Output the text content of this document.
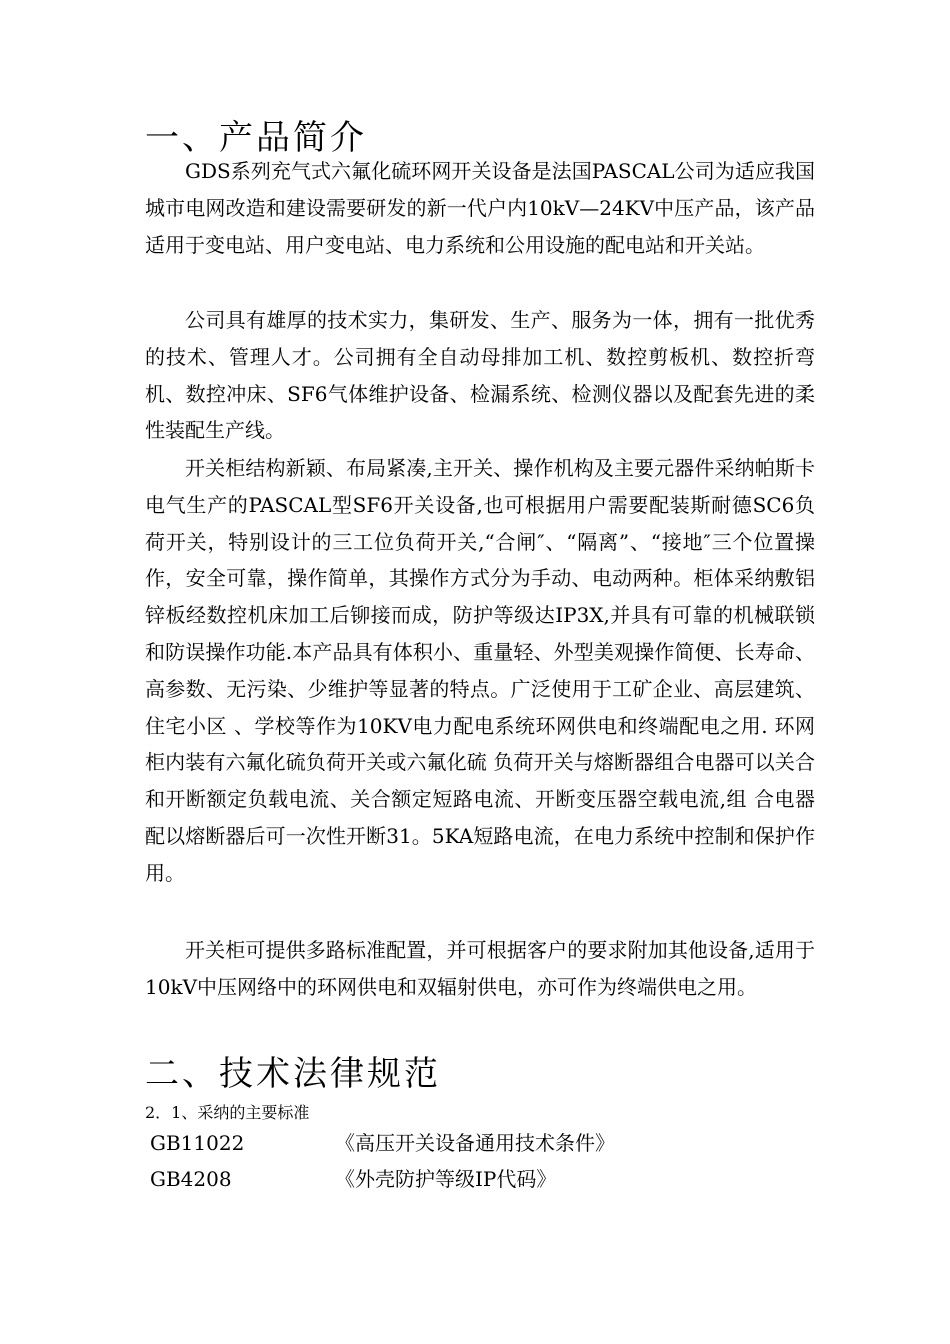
一、产品简介

GDS系列充气式六氟化硫环网开关设备是法国PASCAL公司为适应我国城市电网改造和建设需要研发的新一代户内10kV—24KV中压产品，该产品适用于变电站、用户变电站、电力系统和公用设施的配电站和开关站。

公司具有雄厚的技术实力，集研发、生产、服务为一体，拥有一批优秀的技术、管理人才。公司拥有全自动母排加工机、数控剪板机、数控折弯机、数控冲床、SF6气体维护设备、检漏系统、检测仪器以及配套先进的柔性装配生产线。

开关柜结构新颖、布局紧凑,主开关、操作机构及主要元器件采纳帕斯卡电气生产的PASCAL型SF6开关设备,也可根据用户需要配装斯耐德SC6负荷开关，特别设计的三工位负荷开关,“合闸″、“隔离”、“接地″三个位置操作，安全可靠，操作简单，其操作方式分为手动、电动两种。柜体采纳敷铝锌板经数控机床加工后铆接而成，防护等级达IP3X,并具有可靠的机械联锁和防误操作功能.本产品具有体积小、重量轻、外型美观操作简便、长寿命、高参数、无污染、少维护等显著的特点。广泛使用于工矿企业、高层建筑、住宅小区 、学校等作为10KV电力配电系统环网供电和终端配电之用. 环网柜内装有六氟化硫负荷开关或六氟化硫 负荷开关与熔断器组合电器可以关合和开断额定负载电流、关合额定短路电流、开断变压器空载电流,组 合电器配以熔断器后可一次性开断31。5KA短路电流，在电力系统中控制和保护作用。

开关柜可提供多路标准配置，并可根据客户的要求附加其他设备,适用于10kV中压网络中的环网供电和双辐射供电，亦可作为终端供电之用。

二、技术法律规范

2．1、采纳的主要标准

GB11022	《高压开关设备通用技术条件》
GB4208	《外壳防护等级IP代码》
